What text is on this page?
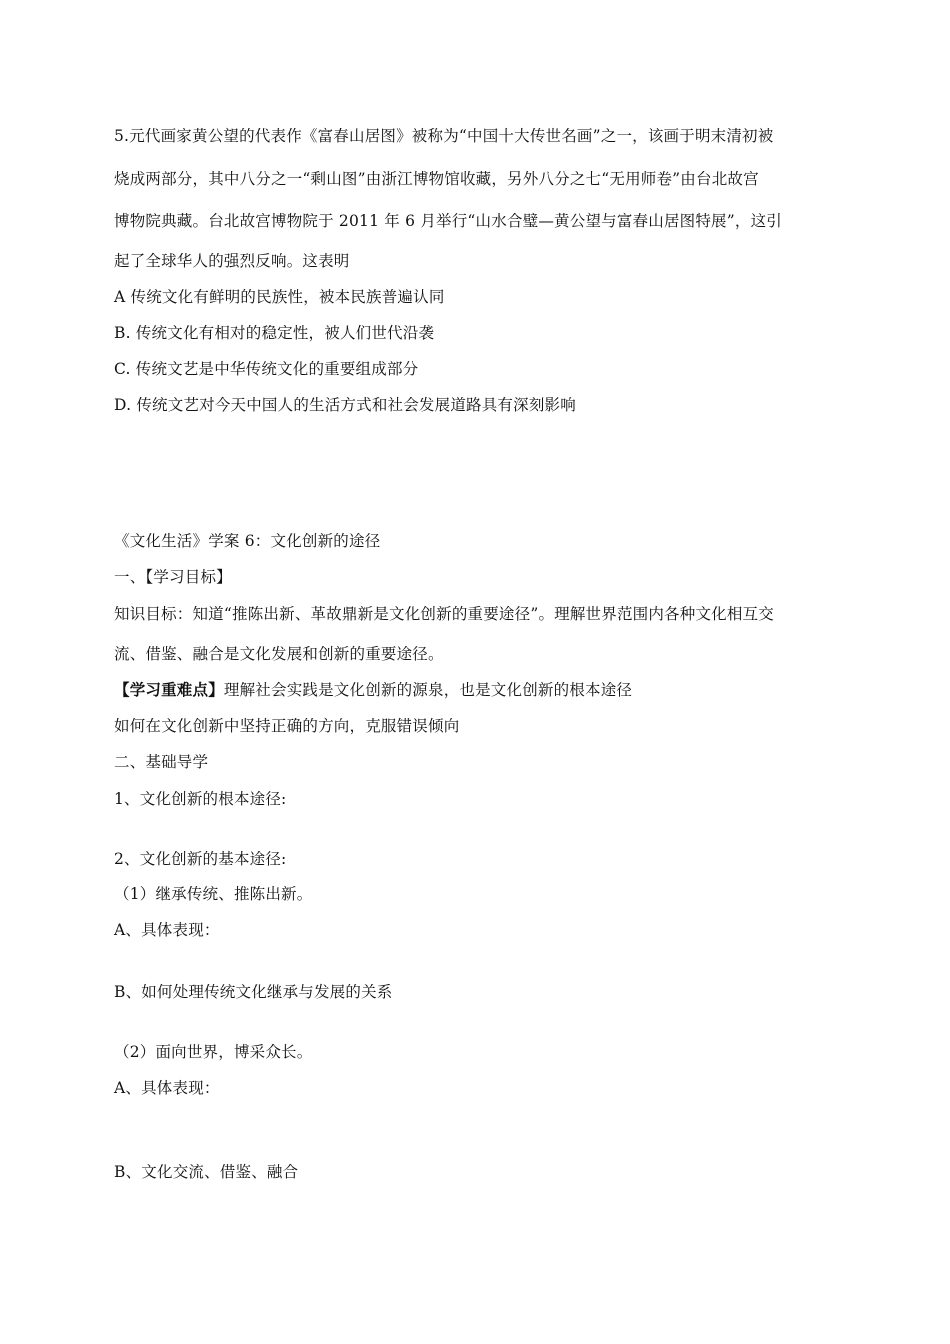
5.元代画家黄公望的代表作《富春山居图》被称为“中国十大传世名画”之一，该画于明末清初被
烧成两部分，其中八分之一“剩山图”由浙江博物馆收藏，另外八分之七“无用师卷”由台北故宫
博物院典藏。台北故宫博物院于 2011 年 6 月举行“山水合璧—黄公望与富春山居图特展”，这引
起了全球华人的强烈反响。这表明
A 传统文化有鲜明的民族性，被本民族普遍认同
B. 传统文化有相对的稳定性，被人们世代沿袭
C. 传统文艺是中华传统文化的重要组成部分
D. 传统文艺对今天中国人的生活方式和社会发展道路具有深刻影响
《文化生活》学案 6：文化创新的途径
一、【学习目标】
知识目标：知道“推陈出新、革故鼎新是文化创新的重要途径”。理解世界范围内各种文化相互交
流、借鉴、融合是文化发展和创新的重要途径。
【学习重难点】理解社会实践是文化创新的源泉，也是文化创新的根本途径
如何在文化创新中坚持正确的方向，克服错误倾向
二、基础导学
1、文化创新的根本途径:
2、文化创新的基本途径:
（1）继承传统、推陈出新。
A、具体表现：
B、如何处理传统文化继承与发展的关系
（2）面向世界，博采众长。
A、具体表现：
B、文化交流、借鉴、融合
